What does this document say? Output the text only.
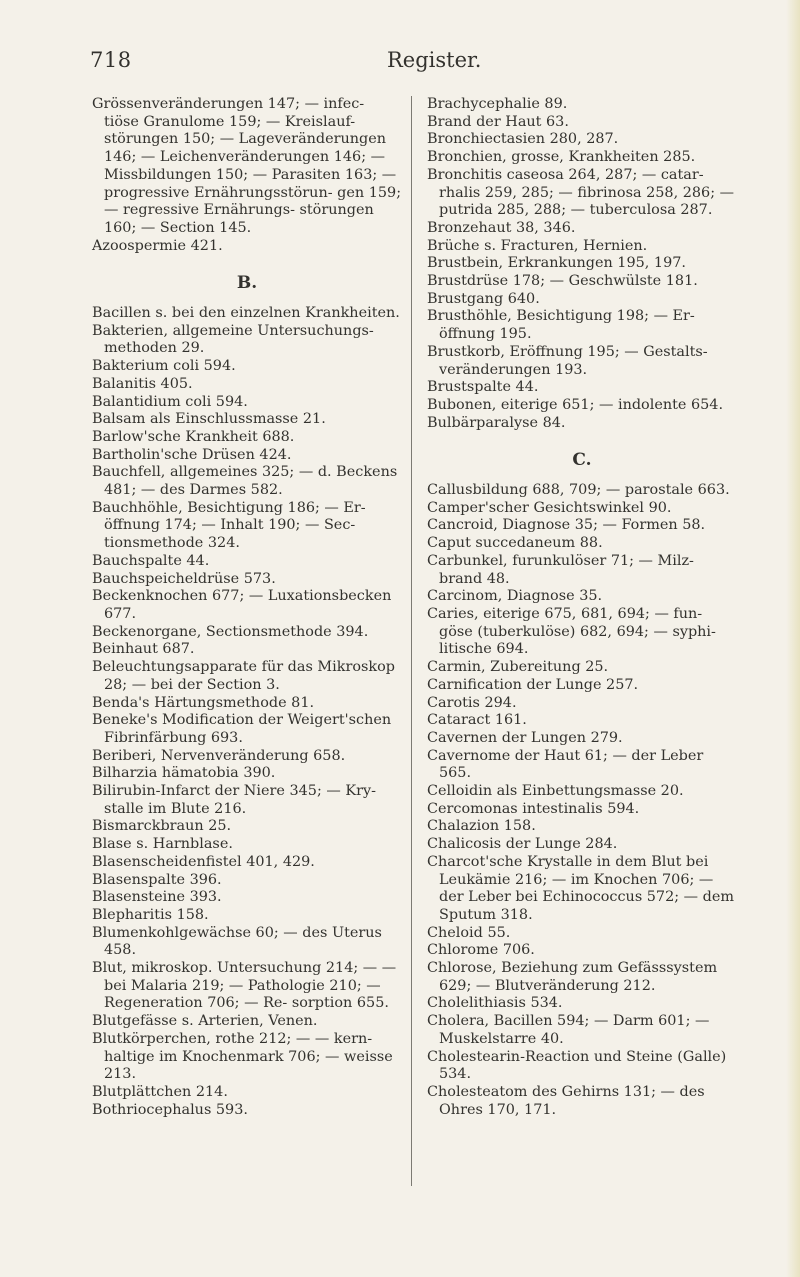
718	Register.
Grössenveränderungen 147; — infec- tiöse Granulome 159; — Kreislauf- störungen 150; — Lageveränderungen 146; — Leichenveränderungen 146; — Missbildungen 150; — Parasiten 163; — progressive Ernährungsstörun- gen 159; — regressive Ernährungs- störungen 160; — Section 145.
Azoospermie 421.
B.
Bacillen s. bei den einzelnen Krankheiten.
Bakterien, allgemeine Untersuchungs- methoden 29.
Bakterium coli 594.
Balanitis 405.
Balantidium coli 594.
Balsam als Einschlussmasse 21.
Barlow'sche Krankheit 688.
Bartholin'sche Drüsen 424.
Bauchfell, allgemeines 325; — d. Beckens 481; — des Darmes 582.
Bauchhöhle, Besichtigung 186; — Er- öffnung 174; — Inhalt 190; — Sec- tionsmethode 324.
Bauchspalte 44.
Bauchspeicheldrüse 573.
Beckenknochen 677; — Luxationsbecken 677.
Beckenorgane, Sectionsmethode 394.
Beinhaut 687.
Beleuchtungsapparate für das Mikroskop 28; — bei der Section 3.
Benda's Härtungsmethode 81.
Beneke's Modification der Weigert'schen Fibrinfärbung 693.
Beriberi, Nervenveränderung 658.
Bilharzia hämatobia 390.
Bilirubin-Infarct der Niere 345; — Kry- stalle im Blute 216.
Bismarckbraun 25.
Blase s. Harnblase.
Blasenscheidenfistel 401, 429.
Blasenspalte 396.
Blasensteine 393.
Blepharitis 158.
Blumenkohlgewächse 60; — des Uterus 458.
Blut, mikroskop. Untersuchung 214; — — bei Malaria 219; — Pathologie 210; — Regeneration 706; — Re- sorption 655.
Blutgefässe s. Arterien, Venen.
Blutkörperchen, rothe 212; — — kern- haltige im Knochenmark 706; — weisse 213.
Blutplättchen 214.
Bothriocephalus 593.
Brachycephalie 89.
Brand der Haut 63.
Bronchiectasien 280, 287.
Bronchien, grosse, Krankheiten 285.
Bronchitis caseosa 264, 287; — catar- rhalis 259, 285; — fibrinosa 258, 286; — putrida 285, 288; — tuberculosa 287.
Bronzehaut 38, 346.
Brüche s. Fracturen, Hernien.
Brustbein, Erkrankungen 195, 197.
Brustdrüse 178; — Geschwülste 181.
Brustgang 640.
Brusthöhle, Besichtigung 198; — Er- öffnung 195.
Brustkorb, Eröffnung 195; — Gestalts- veränderungen 193.
Brustspalte 44.
Bubonen, eiterige 651; — indolente 654.
Bulbärparalyse 84.
C.
Callusbildung 688, 709; — parostale 663.
Camper'scher Gesichtswinkel 90.
Cancroid, Diagnose 35; — Formen 58.
Caput succedaneum 88.
Carbunkel, furunkulöser 71; — Milz- brand 48.
Carcinom, Diagnose 35.
Caries, eiterige 675, 681, 694; — fun- göse (tuberkulöse) 682, 694; — syphi- litische 694.
Carmin, Zubereitung 25.
Carnification der Lunge 257.
Carotis 294.
Cataract 161.
Cavernen der Lungen 279.
Cavernome der Haut 61; — der Leber 565.
Celloidin als Einbettungsmasse 20.
Cercomonas intestinalis 594.
Chalazion 158.
Chalicosis der Lunge 284.
Charcot'sche Krystalle in dem Blut bei Leukämie 216; — im Knochen 706; — der Leber bei Echinococcus 572; — dem Sputum 318.
Cheloid 55.
Chlorome 706.
Chlorose, Beziehung zum Gefässsystem 629; — Blutveränderung 212.
Cholelithiasis 534.
Cholera, Bacillen 594; — Darm 601; — Muskelstarre 40.
Cholestearin-Reaction und Steine (Galle) 534.
Cholesteatom des Gehirns 131; — des Ohres 170, 171.
